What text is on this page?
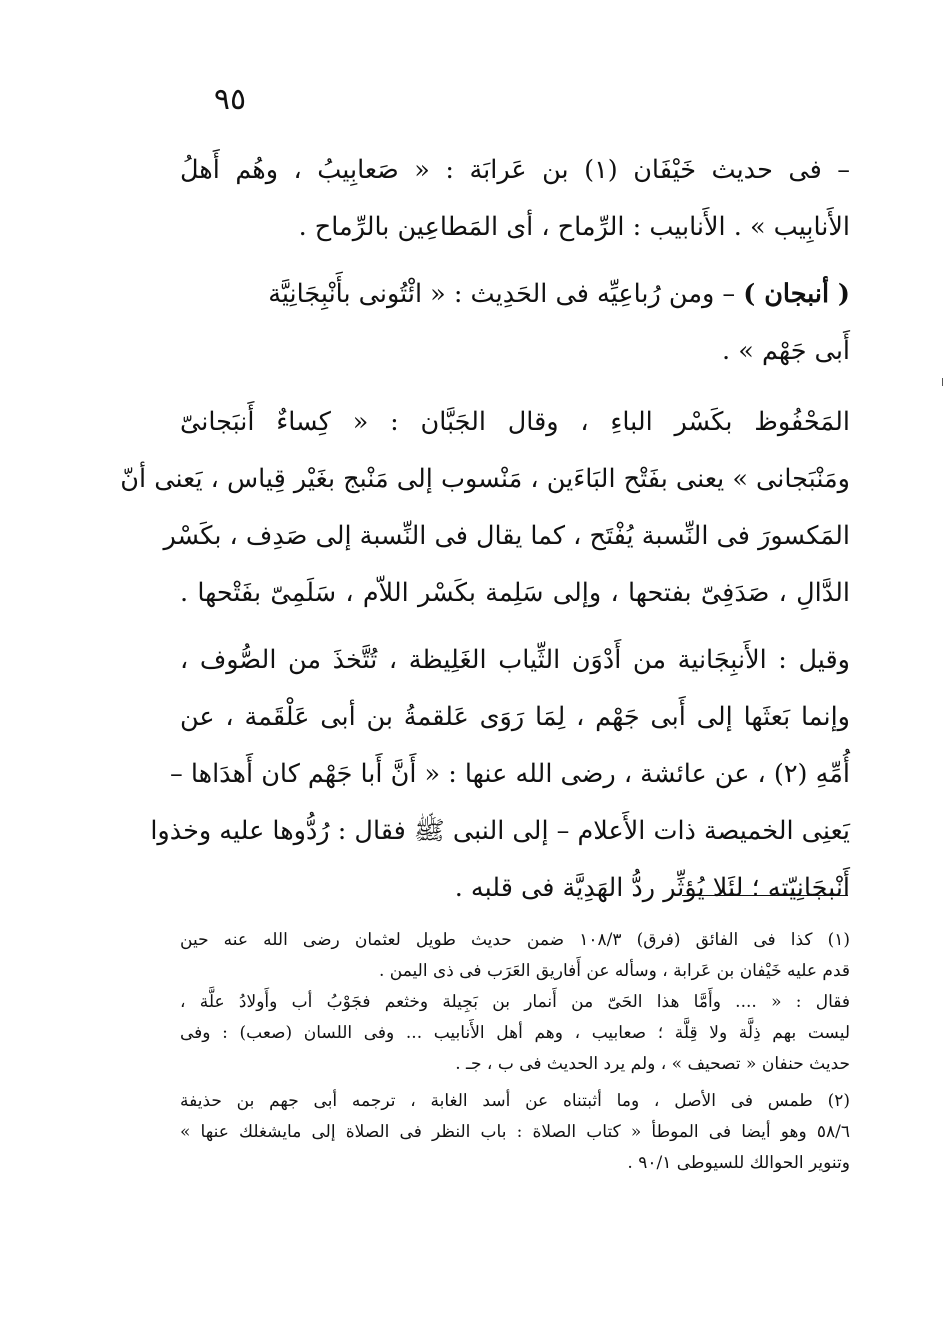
٩٥
– فى حديث خَيْفَان (١) بن عَرابَة : « صَعابِيبُ ، وهُم أَهلُ
الأَنابِيب » . الأَنابيب : الرِّماح ، أى المَطاعِين بالرِّماح .
( أنبجان ) – ومن رُباعِيِّه فى الحَدِيث : « ائْتُونى بأَنْبِجَانِيَّة
أَبى جَهْم » .
المَحْفُوظ بكَسْر الباءِ ، وقال الجَبَّان : « كِساءٌ أَنبَجانىّ
ومَنْبَجانى » يعنى بفَتْح البَاءَين ، مَنْسوب إلى مَنْبج بغَيْر قِياس ، يَعنى أنّ
المَكسورَ فى النِّسبة يُفْتَح ، كما يقال فى النِّسبة إلى صَدِف ، بكَسْر
الدَّالِ ، صَدَفِىّ بفتحها ، وإلى سَلِمة بكَسْر اللاّم ، سَلَمِىّ بفَتْحها .
وقيل : الأَنبِجَانية من أَدْوَن الثِّياب الغَلِيظة ، تُتَّخذَ من الصُّوف ،
وإنما بَعثَها إلى أَبى جَهْم ، لِمَا رَوَى عَلقمةُ بن أبى عَلْقَمة ، عن
أُمِّهِ (٢) ، عن عائشة ، رضى الله عنها : « أَنَّ أَبا جَهْم كان أَهدَاها –
يَعنِى الخميصة ذات الأَعلام – إلى النبى ﷺ فقال : رُدُّوها عليه وخذوا
أَنْبجَانِيّته ؛ لئَلا يُؤثِّر ردُّ الهَدِيَّة فى قلبه .
(١) كذا فى الفائق (فرق) ١٠٨/٣ ضمن حديث طويل لعثمان رضى الله عنه حين
قدم عليه خَيْفان بن عَرابة ، وسأله عن أَفاريق العَرَب فى ذى اليمن .
فقال : « .... وأَمَّا هذا الحَىّ من أَنمار بن بَجِيلة وخثعم فجَوْبُ أب وأَولادُ علَّة ،
ليست بهم ذِلَّة ولا قِلَّة ؛ صعابيب ، وهم أهل الأَنابيب ... وفى اللسان (صعب) : وفى
حديث حنفان « تصحيف » ، ولم يرد الحديث فى ب ، جـ .
(٢) طمس فى الأصل ، وما أثبتناه عن أسد الغابة ، ترجمه أبى جهم بن حذيفة
٥٨/٦ وهو أيضا فى الموطأ « كتاب الصلاة : باب النظر فى الصلاة إلى مايشغلك عنها »
وتنوير الحوالك للسيوطى ٩٠/١ .
